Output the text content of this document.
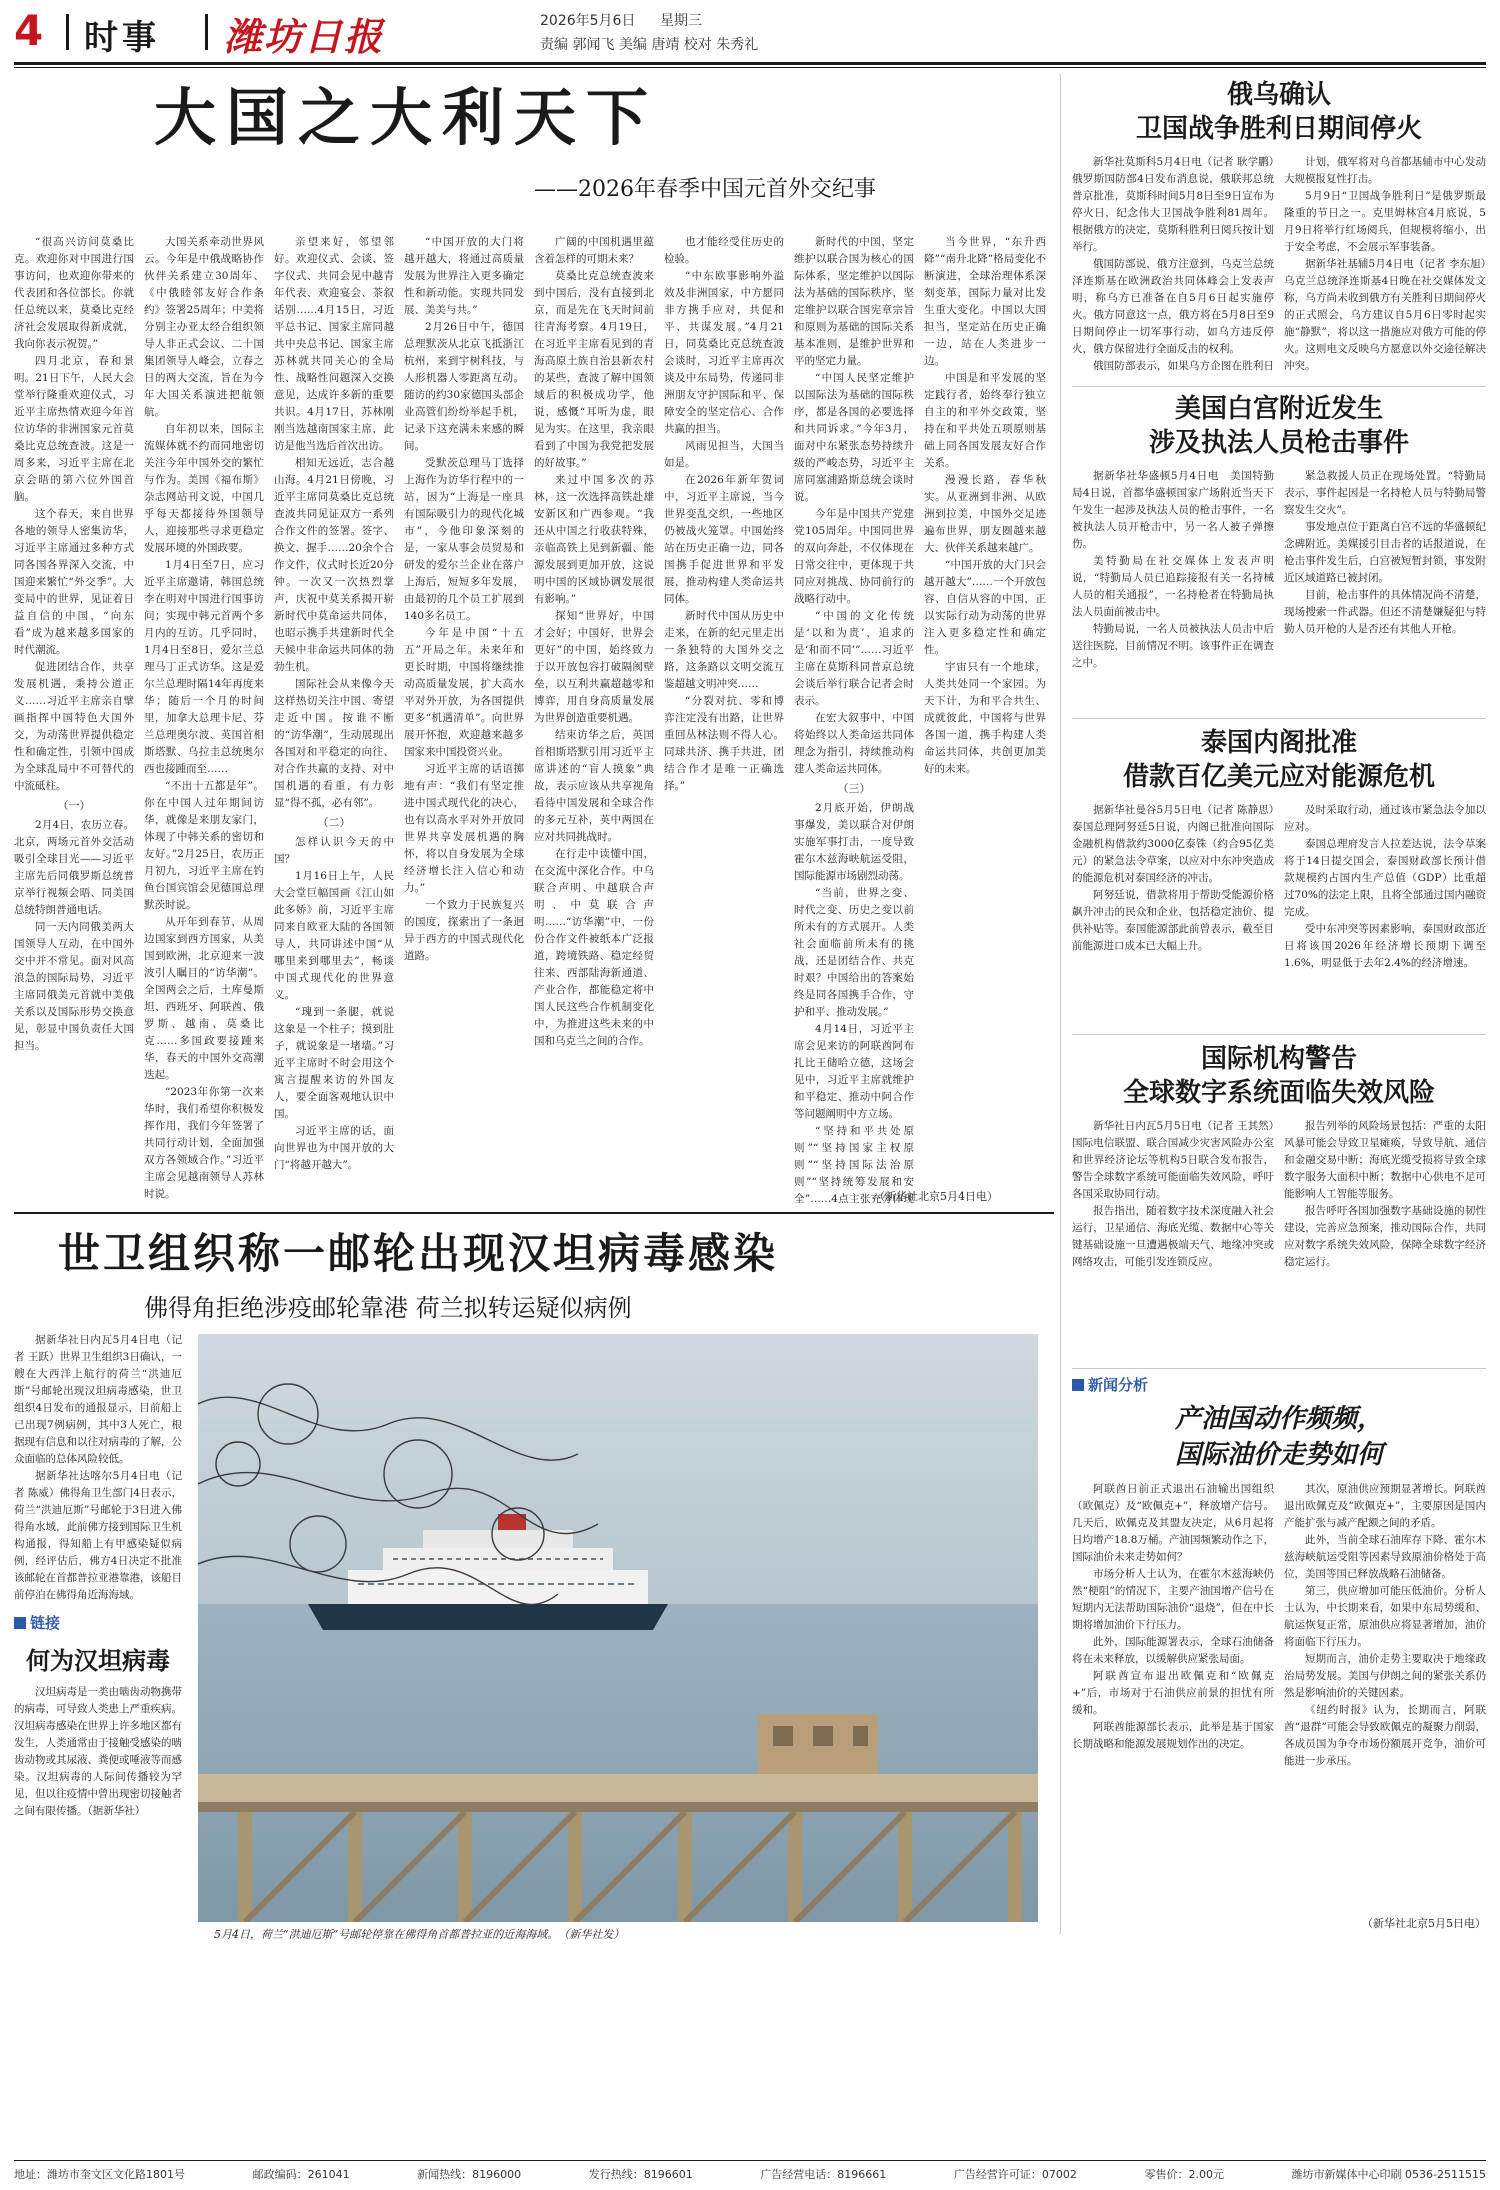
4 时事 潍坊日报	2026年5月6日 星期三
责编 郭闻飞 美编 唐靖 校对 朱秀礼
大国之大利天下
——2026年春季中国元首外交纪事

“很高兴访问莫桑比克。欢迎你对中国进行国事访问，也欢迎你带来的代表团和各位部长。你就任总统以来，莫桑比克经济社会发展取得新成就，我向你表示祝贺。”

四月北京，春和景明。21日下午，人民大会堂举行隆重欢迎仪式，习近平主席热情欢迎今年首位访华的非洲国家元首莫桑比克总统查波。这是一周多来，习近平主席在北京会晤的第六位外国首脑。

这个春天，来自世界各地的领导人密集访华，习近平主席通过多种方式同各国各界深入交流，中国迎来繁忙“外交季”。大变局中的世界，见证着日益自信的中国，“向东看”成为越来越多国家的时代潮流。

促进团结合作，共享发展机遇，秉持公道正义……习近平主席亲自擘画指挥中国特色大国外交，为动荡世界提供稳定性和确定性，引领中国成为全球乱局中不可替代的中流砥柱。

（一）

2月4日，农历立春。北京，两场元首外交活动吸引全球目光——习近平主席先后同俄罗斯总统普京举行视频会晤、同美国总统特朗普通电话。

同一天内同俄美两大国领导人互动，在中国外交中并不常见。面对风高浪急的国际局势，习近平主席同俄美元首就中美俄关系以及国际形势交换意见，彰显中国负责任大国担当。

大国关系牵动世界风云。今年是中俄战略协作伙伴关系建立30周年、《中俄睦邻友好合作条约》签署25周年；中美将分别主办亚太经合组织领导人非正式会议、二十国集团领导人峰会，立春之日的两大交流，旨在为今年大国关系演进把航领航。

自年初以来，国际主流媒体就不约而同地密切关注今年中国外交的繁忙与作为。美国《福布斯》杂志网站刊文说，中国几乎每天都接待外国领导人，迎接那些寻求更稳定发展环境的外国政要。

1月4日至7日，应习近平主席邀请，韩国总统李在明对中国进行国事访问；实现中韩元首两个多月内的互访。几乎同时，1月4日至8日，爱尔兰总理马丁正式访华。这是爱尔兰总理时隔14年再度来华；随后一个月的时间里，加拿大总理卡尼、芬兰总理奥尔波、英国首相斯塔默、乌拉圭总统奥尔西也接踵而至……

“不出十五都是年”。你在中国人过年期间访华，就像是来朋友家门，体现了中韩关系的密切和友好。”2月25日，农历正月初九，习近平主席在钓鱼台国宾馆会见德国总理默茨时说。

从开年到春节，从周边国家到西方国家，从美国到欧洲，北京迎来一波波引人瞩目的“访华潮”。全国两会之后，土库曼斯坦、西班牙、阿联酋、俄罗斯、越南、莫桑比克……多国政要接踵来华，春天的中国外交高潮迭起。

“2023年你第一次来华时，我们希望你积极发挥作用，我们今年签署了共同行动计划，全面加强双方各领域合作。”习近平主席会见越南领导人苏林时说。

亲望来好，邻望邻好。欢迎仪式、会谈、签字仪式、共同会见中越青年代表、欢迎宴会、茶叙话别……4月15日，习近平总书记、国家主席同越共中央总书记、国家主席苏林就共同关心的全局性、战略性问题深入交换意见，达成许多新的重要共识。4月17日，苏林刚刚当选越南国家主席，此访是他当选后首次出访。

相知无远近，志合越山海。4月21日傍晚，习近平主席同莫桑比克总统查波共同见证双方一系列合作文件的签署。签字、换文、握手……20余个合作文件，仪式时长近20分钟。一次又一次热烈掌声，庆祝中莫关系揭开崭新时代中莫命运共同体，也昭示携手共建新时代全天候中非命运共同体的勃勃生机。

国际社会从来像今天这样热切关注中国、寄望走近中国。按谁不断的“访华潮”，生动展现出各国对和平稳定的向往、对合作共赢的支持、对中国机遇的看重，有力彰显“得不孤，必有邻”。

（二）

怎样认识今天的中国？

1月16日上午，人民大会堂巨幅国画《江山如此多娇》前，习近平主席同来自欧亚大陆的各国领导人，共同讲述中国“从哪里来到哪里去”，畅谈中国式现代化的世界意义。

“瑰到一条腿，就说这象是一个柱子；摸到肚子，就说象是一堵墙。”习近平主席时不时会用这个寓言提醒来访的外国友人，要全面客观地认识中国。

习近平主席的话，面向世界也为中国开放的大门“将越开越大”。

“中国开放的大门将越开越大，将通过高质量发展为世界注入更多确定性和新动能。实现共同发展、美美与共。”

2月26日中午，德国总理默茨从北京飞抵浙江杭州，来到宇树科技，与人形机器人零距离互动。随访的约30家德国头部企业高管们纷纷举起手机，记录下这充满未来感的瞬间。

受默茨总理马丁选择上海作为访华行程中的一站，因为“上海是一座具有国际吸引力的现代化城市”，今他印象深刻的是，一家从事会员贸易和研发的爱尔兰企业在落户上海后，短短多年发展，由最初的几个员工扩展到140多名员工。

今年是中国“十五五”开局之年。未来年和更长时期，中国将继续推动高质量发展，扩大高水平对外开放，为各国提供更多“机遇清单”。向世界展开怀抱，欢迎越来越多国家来中国投资兴业。

习近平主席的话语掷地有声：“我们有坚定推进中国式现代化的决心，也有以高水平对外开放同世界共享发展机遇的胸怀，将以自身发展为全球经济增长注入信心和动力。”

一个致力于民族复兴的国度，探索出了一条迥异于西方的中国式现代化道路。

广阔的中国机遇里蕴含着怎样的可期未来？

莫桑比克总统查波来到中国后，没有直接到北京，而是先在飞天时间前往青海考察。4月19日，在习近平主席看见到的青海高原土族自治县新农村的某些，查波了解中国领域后的积极成功学，他说，感慨“耳听为虚，眼见为实。在这里，我亲眼看到了中国为我党把发展的好故事。”

来过中国多次的苏林，这一次选择高铁赴雄安新区和广西参观。“我还从中国之行收获特殊，亲临高铁上见到新疆、能源发展到更加开放，这说明中国的区域协调发展很有影响。”

探知“世界好，中国才会好；中国好，世界会更好”的中国，始终致力于以开放包容打破隔阂壁垒，以互利共赢超越零和博弈，用自身高质量发展为世界创造重要机遇。

结束访华之后，英国首相斯塔默引用习近平主席讲述的“盲人摸象”典故，表示应该从共享视角看待中国发展和全球合作的多元互补，英中两国在应对共同挑战时。

在行走中读懂中国，在交流中深化合作。中乌联合声明、中越联合声明、中莫联合声明……“访华潮”中，一份份合作文件被纸本广泛报道，跨境铁路、稳定经贸往来、西部陆海新通道、产业合作，都能稳定将中国人民这些合作机制变化中，为推进这些未来的中国和乌克兰之间的合作。

也才能经受住历史的检验。

“中东欧事影响外溢效及非洲国家，中方愿同非方携手应对，共促和平、共谋发展。”4月21日，同莫桑比克总统查波会谈时，习近平主席再次谈及中东局势，传递同非洲朋友守护国际和平、保障安全的坚定信心、合作共赢的担当。

风雨见担当，大国当如是。

在2026年新年贺词中，习近平主席说，当今世界变乱交织，一些地区仍被战火笼罩。中国始终站在历史正确一边，同各国携手促进世界和平发展，推动构建人类命运共同体。

新时代中国从历史中走来，在新的纪元里走出一条独特的大国外交之路，这条路以文明交流互鉴超越文明冲突……

“分裂对抗、零和博弈注定没有出路，让世界重回丛林法则不得人心。同球共济、携手共进，团结合作才是唯一正确选择。”

新时代的中国，坚定维护以联合国为核心的国际体系，坚定维护以国际法为基础的国际秩序，坚定维护以联合国宪章宗旨和原则为基础的国际关系基本准则，是维护世界和平的坚定力量。

“中国人民坚定维护以国际法为基础的国际秩序，都是各国的必要选择和共同诉求。”今年3月，面对中东紧张态势持续升级的严峻态势，习近平主席同塞浦路斯总统会谈时说。

今年是中国共产党建党105周年。中国同世界的双向奔赴，不仅体现在日常交往中，更体现于共同应对挑战、协同前行的战略行动中。

“中国的文化传统是‘以和为贵’，追求的是‘和而不同’”……习近平主席在莫斯科同普京总统会谈后举行联合记者会时表示。

在宏大叙事中，中国将始终以人类命运共同体理念为指引，持续推动构建人类命运共同体。

（三）

2月底开始，伊朗战事爆发，美以联合对伊朗实施军事打击，一度导致霍尔木兹海峡航运受阻，国际能源市场剧烈动荡。

“当前，世界之变、时代之变、历史之变以前所未有的方式展开。人类社会面临前所未有的挑战，还是团结合作、共克时艰？中国给出的答案始终是同各国携手合作，守护和平、推动发展。”

4月14日，习近平主席会见来访的阿联酋阿布扎比王储哈立德，这场会见中，习近平主席就维护和平稳定、推动中阿合作等问题阐明中方立场。

“坚持和平共处原则”“坚持国家主权原则”“坚持国际法治原则”“坚持统筹发展和安全”……4点主张充分体现

当今世界，“东升西降”“南升北降”格局变化不断演进，全球治理体系深刻变革，国际力量对比发生重大变化。中国以大国担当，坚定站在历史正确一边，站在人类进步一边。

中国是和平发展的坚定践行者，始终奉行独立自主的和平外交政策，坚持在和平共处五项原则基础上同各国发展友好合作关系。

漫漫长路，春华秋实。从亚洲到非洲、从欧洲到拉美，中国外交足迹遍布世界，朋友圈越来越大、伙伴关系越来越广。

“中国开放的大门只会越开越大”……一个开放包容、自信从容的中国，正以实际行动为动荡的世界注入更多稳定性和确定性。

宇宙只有一个地球，人类共处同一个家园。为天下计，为和平合共生、成就彼此，中国将与世界各国一道，携手构建人类命运共同体，共创更加美好的未来。

（新华社北京5月4日电）
俄乌确认
卫国战争胜利日期间停火

新华社莫斯科5月4日电（记者 耿学鹏）俄罗斯国防部4日发布消息说，俄联邦总统普京批准，莫斯科时间5月8日至9日宣布为停火日，纪念伟大卫国战争胜利81周年。根据俄方的决定，莫斯科胜利日阅兵按计划举行。

俄国防部说，俄方注意到，乌克兰总统泽连斯基在欧洲政治共同体峰会上发表声明，称乌方已准备在自5月6日起实施停火。俄方同意这一点，俄方将在5月8日至9日期间停止一切军事行动，如乌方违反停火，俄方保留进行全面反击的权利。

俄国防部表示，如果乌方企图在胜利日

计划，俄军将对乌首都基辅市中心发动大规模报复性打击。

5月9日“卫国战争胜利日”是俄罗斯最隆重的节日之一。克里姆林宫4月底说，5月9日将举行红场阅兵，但规模将缩小，出于安全考虑，不会展示军事装备。

据新华社基辅5月4日电（记者 李东旭）乌克兰总统泽连斯基4日晚在社交媒体发文称，乌方尚未收到俄方有关胜利日期间停火的正式照会，乌方建议自5月6日零时起实施“静默”，将以这一措施应对俄方可能的停火。这则电文反映乌方愿意以外交途径解决冲突。

美国白宫附近发生
涉及执法人员枪击事件

据新华社华盛顿5月4日电　美国特勤局4日说，首都华盛顿国家广场附近当天下午发生一起涉及执法人员的枪击事件，一名被执法人员开枪击中，另一名人被子弹擦伤。

美特勤局在社交媒体上发表声明说，“特勤局人员已追踪接报有关一名持械人员的相关通报”，一名持枪者在特勤局执法人员面前被击中。

特勤局说，一名人员被执法人员击中后送往医院，目前情况不明。该事件正在调查之中。

紧急救援人员正在现场处置。“特勤局表示，事件起因是一名持枪人员与特勤局警察发生交火”。

事发地点位于距离白宫不远的华盛顿纪念碑附近。美媒援引目击者的话报道说，在枪击事件发生后，白宫被短暂封锁，事发附近区域道路已被封闭。

目前，枪击事件的具体情况尚不清楚，现场搜索一件武器。但还不清楚嫌疑犯与特勤人员开枪的人是否还有其他人开枪。

泰国内阁批准
借款百亿美元应对能源危机

据新华社曼谷5月5日电（记者 陈静思）泰国总理阿努廷5日说，内阁已批准向国际金融机构借款约3000亿泰铢（约合95亿美元）的紧急法令草案，以应对中东冲突造成的能源危机对泰国经济的冲击。

阿努廷说，借款将用于帮助受能源价格飙升冲击的民众和企业，包括稳定油价、提供补贴等。泰国能源部此前曾表示，截至目前能源进口成本已大幅上升。

及时采取行动，通过该市紧急法令加以应对。

泰国总理府发言人拉差达说，法令草案将于14日提交国会，泰国财政部长预计借款规模约占国内生产总值（GDP）比重超过70%的法定上限，且将全部通过国内融资完成。

受中东冲突等因素影响，泰国财政部近日将该国2026年经济增长预期下调至1.6%，明显低于去年2.4%的经济增速。

国际机构警告
全球数字系统面临失效风险

新华社日内瓦5月5日电（记者 王其然）国际电信联盟、联合国减少灾害风险办公室和世界经济论坛等机构5日联合发布报告，警告全球数字系统可能面临失效风险，呼吁各国采取协同行动。

报告指出，随着数字技术深度融入社会运行，卫星通信、海底光缆、数据中心等关键基础设施一旦遭遇极端天气、地缘冲突或网络攻击，可能引发连锁反应。

报告列举的风险场景包括：严重的太阳风暴可能会导致卫星瘫痪，导致导航、通信和金融交易中断；海底光缆受损将导致全球数字服务大面积中断；数据中心供电不足可能影响人工智能等服务。

报告呼吁各国加强数字基础设施的韧性建设，完善应急预案，推动国际合作，共同应对数字系统失效风险，保障全球数字经济稳定运行。

新闻分析
产油国动作频频，
国际油价走势如何

阿联酋日前正式退出石油输出国组织（欧佩克）及“欧佩克+”，释放增产信号。几天后，欧佩克及其盟友决定，从6月起将日均增产18.8万桶。产油国频繁动作之下，国际油价未来走势如何？

市场分析人士认为，在霍尔木兹海峡仍然“梗阻”的情况下，主要产油国增产信号在短期内无法帮助国际油价“退烧”，但在中长期将增加油价下行压力。

此外，国际能源署表示，全球石油储备将在未来释放，以缓解供应紧张局面。

阿联酋宣布退出欧佩克和“欧佩克+”后，市场对于石油供应前景的担忧有所缓和。

阿联酋能源部长表示，此举是基于国家长期战略和能源发展规划作出的决定。

其次，原油供应预期显著增长。阿联酋退出欧佩克及“欧佩克+”，主要原因是国内产能扩张与减产配额之间的矛盾。

此外，当前全球石油库存下降、霍尔木兹海峡航运受阻等因素导致原油价格处于高位，美国等国已释放战略石油储备。

第三，供应增加可能压低油价。分析人士认为，中长期来看，如果中东局势缓和、航运恢复正常，原油供应将显著增加，油价将面临下行压力。

短期而言，油价走势主要取决于地缘政治局势发展。美国与伊朗之间的紧张关系仍然是影响油价的关键因素。

《纽约时报》认为，长期而言，阿联酋“退群”可能会导致欧佩克的凝聚力削弱，各成员国为争夺市场份额展开竞争，油价可能进一步承压。

（新华社北京5月5日电）
世卫组织称一邮轮出现汉坦病毒感染
佛得角拒绝涉疫邮轮靠港 荷兰拟转运疑似病例

据新华社日内瓦5月4日电（记者 王跃）世界卫生组织3日确认，一艘在大西洋上航行的荷兰“洪迪厄斯”号邮轮出现汉坦病毒感染，世卫组织4日发布的通报显示，目前船上已出现7例病例，其中3人死亡，根据现有信息和以往对病毒的了解，公众面临的总体风险较低。

据新华社达喀尔5月4日电（记者 陈威）佛得角卫生部门4日表示，荷兰“洪迪厄斯”号邮轮于3日进入佛得角水域，此前佛方接到国际卫生机构通报，得知船上有甲感染疑似病例，经评估后，佛方4日决定不批准该邮轮在首都普拉亚港靠港，该船目前停泊在佛得角近海海域。

链接
何为汉坦病毒

汉坦病毒是一类由啮齿动物携带的病毒，可导致人类患上严重疾病。汉坦病毒感染在世界上许多地区都有发生，人类通常由于接触受感染的啮齿动物或其尿液、粪便或唾液等而感染。汉坦病毒的人际间传播较为罕见，但以往疫情中曾出现密切接触者之间有限传播。（据新华社）

5月4日，荷兰“洪迪厄斯”号邮轮停靠在佛得角首都普拉亚的近海海域。　（新华社发）
地址：潍坊市奎文区文化路1801号	邮政编码：261041	新闻热线：8196000	发行热线：8196601	广告经营电话：8196661	广告经营许可证：07002	零售价：2.00元	潍坊市新媒体中心印刷 0536-2511515
